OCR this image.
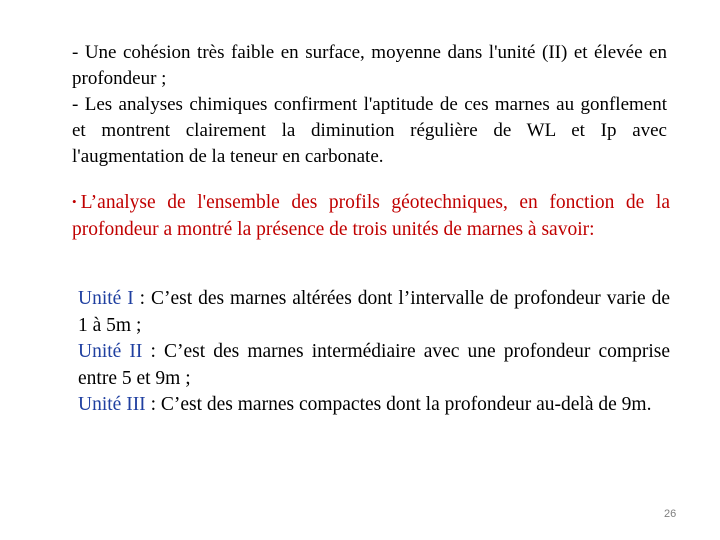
- Une cohésion très faible en surface, moyenne dans l'unité (II) et élevée en profondeur ;
- Les analyses chimiques confirment l'aptitude de ces marnes au gonflement et montrent clairement la diminution régulière de WL et Ip avec l'augmentation de la teneur en carbonate.
• L’analyse de l'ensemble des profils géotechniques, en fonction de la profondeur a montré la présence de trois unités de marnes à savoir:
Unité I : C’est des marnes altérées dont l’intervalle de profondeur varie de 1 à 5m ;
Unité II : C’est des marnes intermédiaire avec une profondeur comprise entre 5 et 9m ;
Unité III : C’est des marnes compactes dont la profondeur au-delà de 9m.
26
